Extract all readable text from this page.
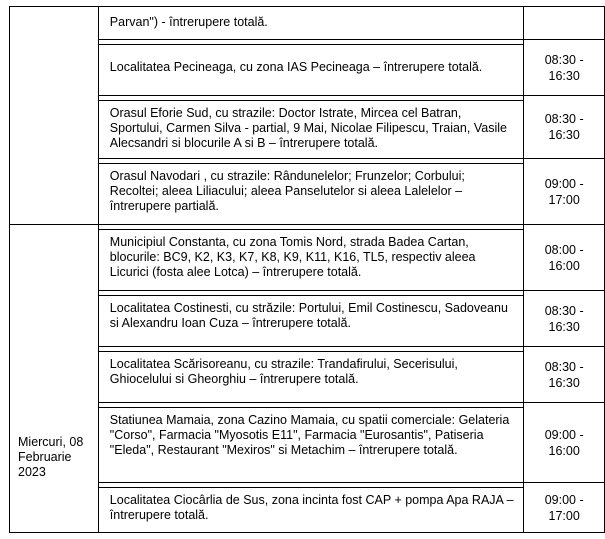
	Parvan") - întrerupere totală.	

	Localitatea Pecineaga, cu zona IAS Pecineaga – întrerupere totală.	08:30 -
16:30

	Orasul Eforie Sud, cu strazile: Doctor Istrate, Mircea cel Batran, Sportului, Carmen Silva - partial, 9 Mai, Nicolae Filipescu, Traian, Vasile Alecsandri si blocurile A si B – întrerupere totală.	08:30 -
16:30

	Orasul Navodari , cu strazile: Rândunelelor; Frunzelor; Corbului; Recoltei; aleea Liliacului; aleea Panselutelor si aleea Lalelelor – întrerupere partială.	09:00 -
17:00

Miercuri, 08 Februarie 2023	Municipiul Constanta, cu zona Tomis Nord, strada Badea Cartan, blocurile: BC9, K2, K3, K7, K8, K9, K11, K16, TL5, respectiv aleea Licurici (fosta alee Lotca) – întrerupere totală.	08:00 -
16:00

	Localitatea Costinesti, cu străzile: Portului, Emil Costinescu, Sadoveanu si Alexandru Ioan Cuza – întrerupere totală.	08:30 -
16:30

	Localitatea Scărisoreanu, cu strazile: Trandafirului, Secerisului, Ghiocelului si Gheorghiu – întrerupere totală.	08:30 -
16:30

	Statiunea Mamaia, zona Cazino Mamaia, cu spatii comerciale: Gelateria "Corso", Farmacia "Myosotis E11", Farmacia "Eurosantis", Patiseria "Eleda", Restaurant "Mexiros" si Metachim – întrerupere totală.	09:00 -
16:00

	Localitatea Ciocârlia de Sus, zona incinta fost CAP + pompa Apa RAJA – întrerupere totală.	09:00 -
17:00
